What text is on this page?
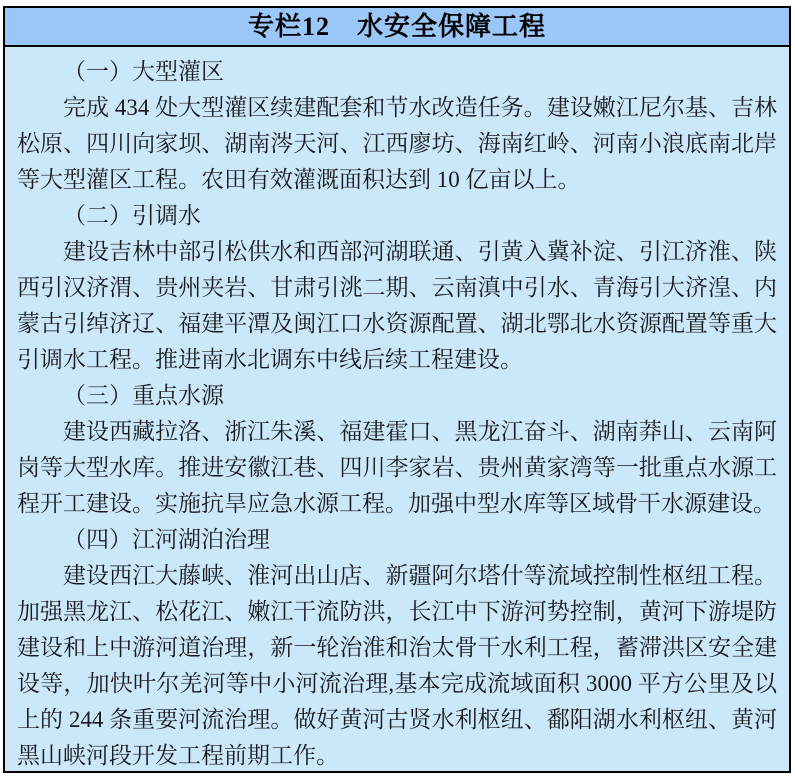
专栏12　水安全保障工程
（一）大型灌区

完成 434 处大型灌区续建配套和节水改造任务。建设嫩江尼尔基、吉林松原、四川向家坝、湖南涔天河、江西廖坊、海南红岭、河南小浪底南北岸等大型灌区工程。农田有效灌溉面积达到 10 亿亩以上。

（二）引调水

建设吉林中部引松供水和西部河湖联通、引黄入冀补淀、引江济淮、陕西引汉济渭、贵州夹岩、甘肃引洮二期、云南滇中引水、青海引大济湟、内蒙古引绰济辽、福建平潭及闽江口水资源配置、湖北鄂北水资源配置等重大引调水工程。推进南水北调东中线后续工程建设。

（三）重点水源

建设西藏拉洛、浙江朱溪、福建霍口、黑龙江奋斗、湖南莽山、云南阿岗等大型水库。推进安徽江巷、四川李家岩、贵州黄家湾等一批重点水源工程开工建设。实施抗旱应急水源工程。加强中型水库等区域骨干水源建设。

（四）江河湖泊治理

建设西江大藤峡、淮河出山店、新疆阿尔塔什等流域控制性枢纽工程。加强黑龙江、松花江、嫩江干流防洪，长江中下游河势控制，黄河下游堤防建设和上中游河道治理，新一轮治淮和治太骨干水利工程，蓄滞洪区安全建设等，加快叶尔羌河等中小河流治理,基本完成流域面积 3000 平方公里及以上的 244 条重要河流治理。做好黄河古贤水利枢纽、鄱阳湖水利枢纽、黄河黑山峡河段开发工程前期工作。
